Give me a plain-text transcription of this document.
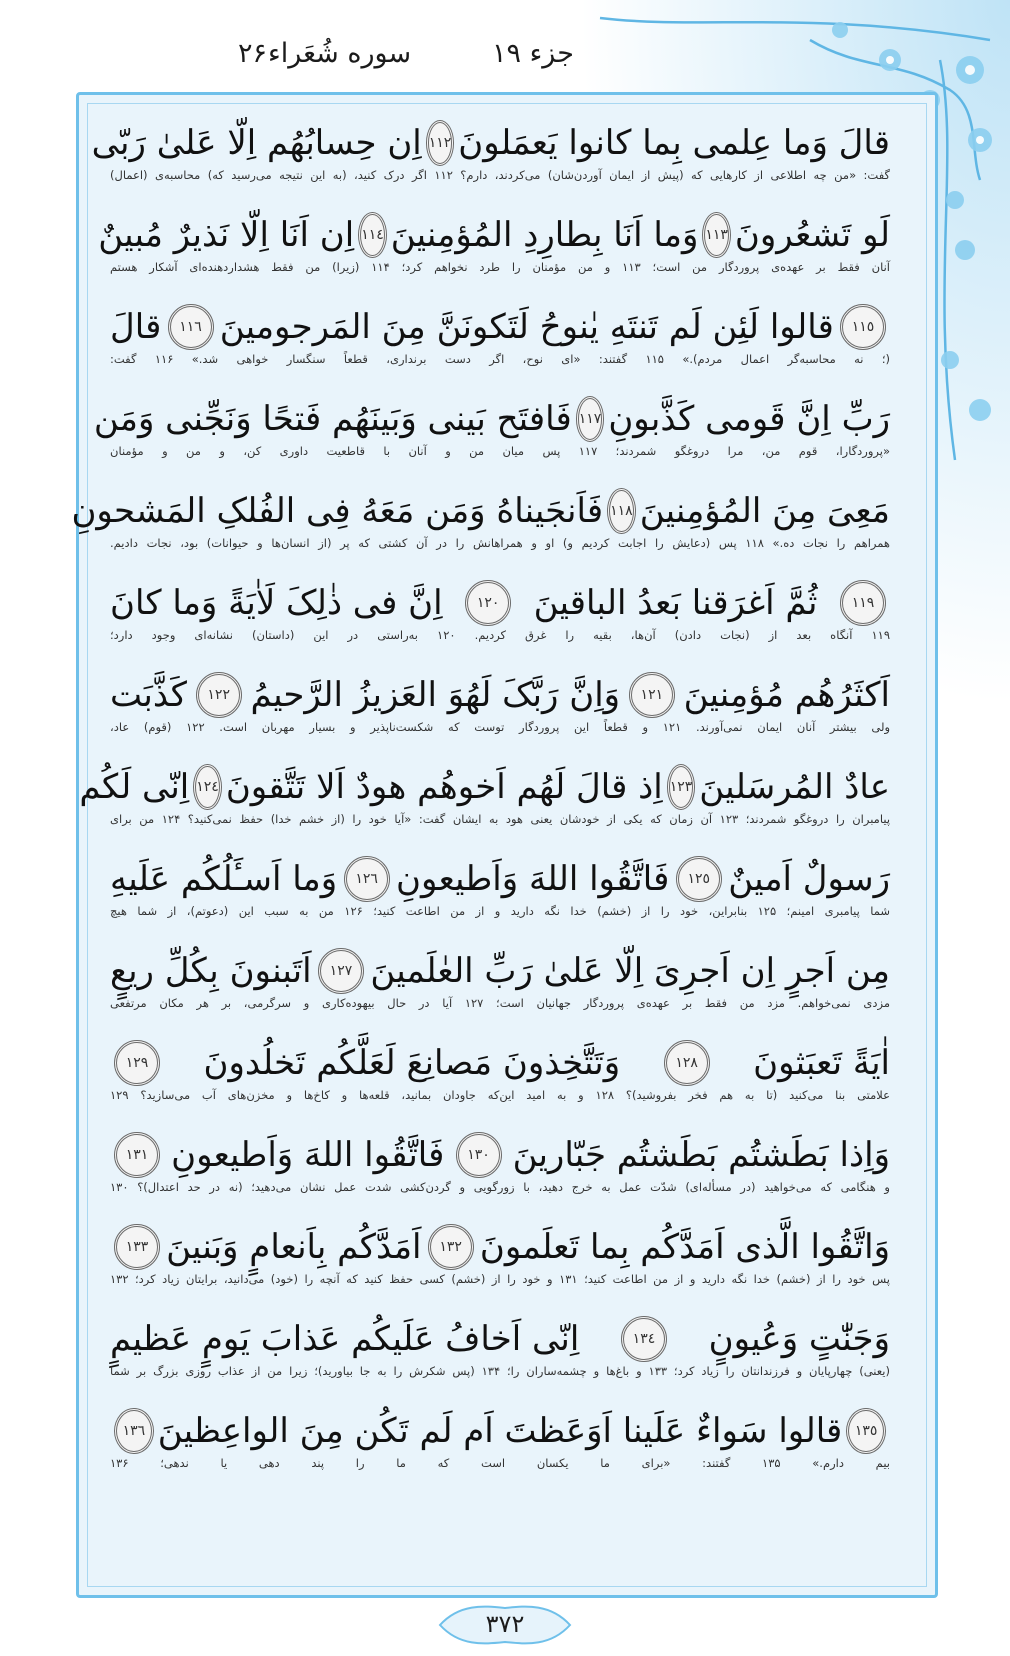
جزء ۱۹
سوره شُعَراء
۲۶
قالَ وَما عِلمی بِما کانوا یَعمَلونَ
١١٢
اِن حِسابُهُم اِلّا عَلیٰ رَبّی
گفت: «من چه اطلاعی از کارهایی که (پیش از ایمان آوردن‌شان) می‌کردند، دارم؟ ۱۱۲ اگر درک کنید، (به این نتیجه می‌رسید که) محاسبه‌ی (اعمال)
لَو تَشعُرونَ
١١٣
وَما اَنَا بِطارِدِ المُؤمِنینَ
١١٤
اِن اَنَا اِلّا نَذیرٌ مُبینٌ
آنان فقط بر عهده‌ی پروردگار من است؛ ۱۱۳ و من مؤمنان را طرد نخواهم کرد؛ ۱۱۴ (زیرا) من فقط هشداردهنده‌ای آشکار هستم
١١٥
قالوا لَئِن لَم تَنتَهِ یٰنوحُ لَتَکونَنَّ مِنَ المَرجومینَ
١١٦
قالَ
(؛ نه محاسبه‌گر اعمال مردم).» ۱۱۵ گفتند: «ای نوح، اگر دست برنداری، قطعاً سنگسار خواهی شد.» ۱۱۶ گفت:
رَبِّ اِنَّ قَومی کَذَّبونِ
١١٧
فَافتَح بَینی وَبَینَهُم فَتحًا وَنَجِّنی وَمَن
«پروردگارا، قوم من، مرا دروغگو شمردند؛ ۱۱۷ پس میان من و آنان با قاطعیت داوری کن، و من و مؤمنان
مَعِیَ مِنَ المُؤمِنینَ
١١٨
فَاَنجَیناهُ وَمَن مَعَهُ فِی الفُلکِ المَشحونِ
همراهم را نجات ده.» ۱۱۸ پس (دعایش را اجابت کردیم و) او و همراهانش را در آن کشتی که پر (از انسان‌ها و حیوانات) بود، نجات دادیم.
١١٩
ثُمَّ اَغرَقنا بَعدُ الباقینَ
١٢٠
اِنَّ فی ذٰلِکَ لَاٰیَةً وَما کانَ
۱۱۹ آنگاه بعد از (نجات دادن) آن‌ها، بقیه را غرق کردیم. ۱۲۰ به‌راستی در این (داستان) نشانه‌ای وجود دارد؛
اَکثَرُهُم مُؤمِنینَ
١٢١
وَاِنَّ رَبَّکَ لَهُوَ العَزیزُ الرَّحیمُ
١٢٢
کَذَّبَت
ولی بیشتر آنان ایمان نمی‌آورند. ۱۲۱ و قطعاً این پروردگار توست که شکست‌ناپذیر و بسیار مهربان است. ۱۲۲ (قوم) عاد،
عادٌ المُرسَلینَ
١٢٣
اِذ قالَ لَهُم اَخوهُم هودٌ اَلا تَتَّقونَ
١٢٤
اِنّی لَکُم
پیامبران را دروغگو شمردند؛ ۱۲۳ آن زمان که یکی از خودشان یعنی هود به ایشان گفت: «آیا خود را (از خشم خدا) حفظ نمی‌کنید؟ ۱۲۴ من برای
رَسولٌ اَمینٌ
١٢٥
فَاتَّقُوا اللهَ وَاَطیعونِ
١٢٦
وَما اَسـَٔلُکُم عَلَیهِ
شما پیامبری امینم؛ ۱۲۵ بنابراین، خود را از (خشم) خدا نگه دارید و از من اطاعت کنید؛ ۱۲۶ من به سبب این (دعوتم)، از شما هیچ
مِن اَجرٍ اِن اَجرِیَ اِلّا عَلیٰ رَبِّ العٰلَمینَ
١٢٧
اَتَبنونَ بِکُلِّ ریعٍ
مزدی نمی‌خواهم. مزد من فقط بر عهده‌ی پروردگار جهانیان است؛ ۱۲۷ آیا در حال بیهوده‌کاری و سرگرمی، بر هر مکان مرتفعی
اٰیَةً تَعبَثونَ
١٢٨
وَتَتَّخِذونَ مَصانِعَ لَعَلَّکُم تَخلُدونَ
١٢٩
علامتی بنا می‌کنید (تا به هم فخر بفروشید)؟ ۱۲۸ و به امید این‌که جاودان بمانید، قلعه‌ها و کاخ‌ها و مخزن‌های آب می‌سازید؟ ۱۲۹
وَاِذا بَطَشتُم بَطَشتُم جَبّارینَ
١٣٠
فَاتَّقُوا اللهَ وَاَطیعونِ
١٣١
و هنگامی که می‌خواهید (در مسأله‌ای) شدّت عمل به خرج دهید، با زورگویی و گردن‌کشی شدت عمل نشان می‌دهید؛ (نه در حد اعتدال)؟ ۱۳۰
وَاتَّقُوا الَّذی اَمَدَّکُم بِما تَعلَمونَ
١٣٢
اَمَدَّکُم بِاَنعامٍ وَبَنینَ
١٣٣
پس خود را از (خشم) خدا نگه دارید و از من اطاعت کنید؛ ۱۳۱ و خود را از (خشم) کسی حفظ کنید که آنچه را (خود) می‌دانید، برایتان زیاد کرد؛ ۱۳۲
وَجَنّٰتٍ وَعُیونٍ
١٣٤
اِنّی اَخافُ عَلَیکُم عَذابَ یَومٍ عَظیمٍ
(یعنی) چهارپایان و فرزندانتان را زیاد کرد؛ ۱۳۳ و باغ‌ها و چشمه‌ساران را؛ ۱۳۴ (پس شکرش را به جا بیاورید)؛ زیرا من از عذاب روزی بزرگ بر شما
١٣٥
قالوا سَواءٌ عَلَینا اَوَعَظتَ اَم لَم تَکُن مِنَ الواعِظینَ
١٣٦
بیم دارم.» ۱۳۵ گفتند: «برای ما یکسان است که ما را پند دهی یا ندهی؛ ۱۳۶
۳۷۲
